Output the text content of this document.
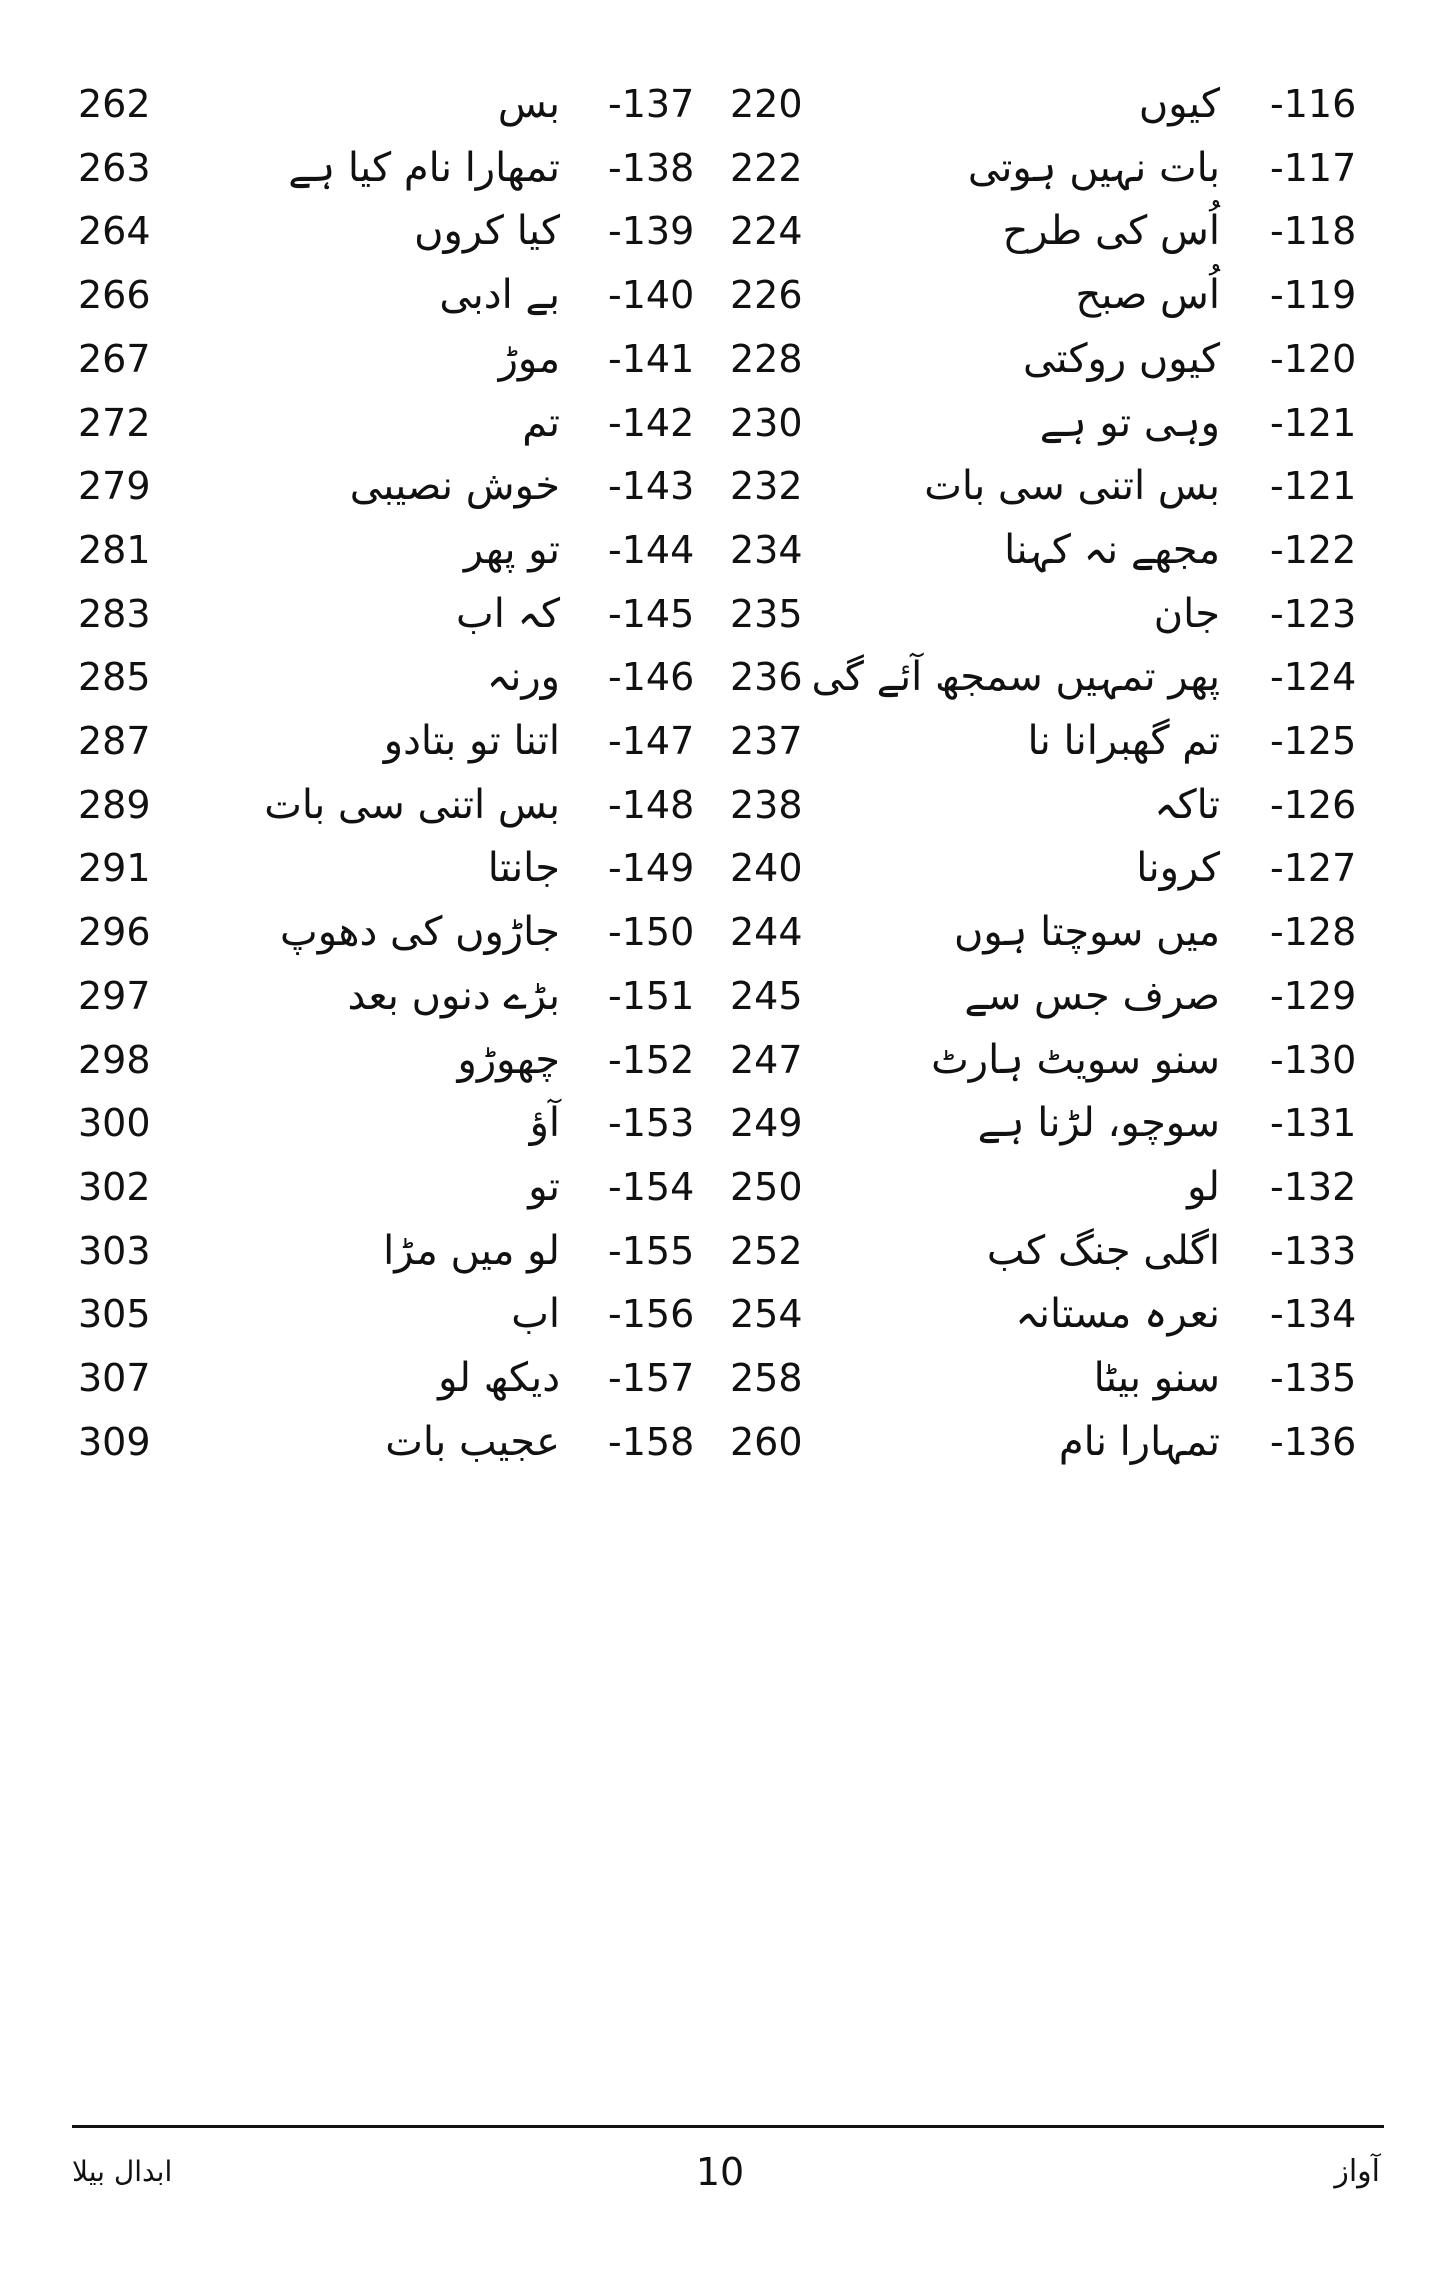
-116
کیوں
220
-137
بس
262
-117
بات نہیں ہوتی
222
-138
تمھارا نام کیا ہے
263
-118
اُس کی طرح
224
-139
کیا کروں
264
-119
اُس صبح
226
-140
بے ادبی
266
-120
کیوں روکتی
228
-141
موڑ
267
-121
وہی تو ہے
230
-142
تم
272
-121
بس اتنی سی بات
232
-143
خوش نصیبی
279
-122
مجھے نہ کہنا
234
-144
تو پھر
281
-123
جان
235
-145
کہ اب
283
-124
پھر تمہیں سمجھ آئے گی
236
-146
ورنہ
285
-125
تم گھبرانا نا
237
-147
اتنا تو بتادو
287
-126
تاکہ
238
-148
بس اتنی سی بات
289
-127
کرونا
240
-149
جانتا
291
-128
میں سوچتا ہوں
244
-150
جاڑوں کی دھوپ
296
-129
صرف جس سے
245
-151
بڑے دنوں بعد
297
-130
سنو سویٹ ہارٹ
247
-152
چھوڑو
298
-131
سوچو، لڑنا ہے
249
-153
آؤ
300
-132
لو
250
-154
تو
302
-133
اگلی جنگ کب
252
-155
لو میں مڑا
303
-134
نعرہ مستانہ
254
-156
اب
305
-135
سنو بیٹا
258
-157
دیکھ لو
307
-136
تمہارا نام
260
-158
عجیب بات
309
آواز
10
ابدال بیلا
